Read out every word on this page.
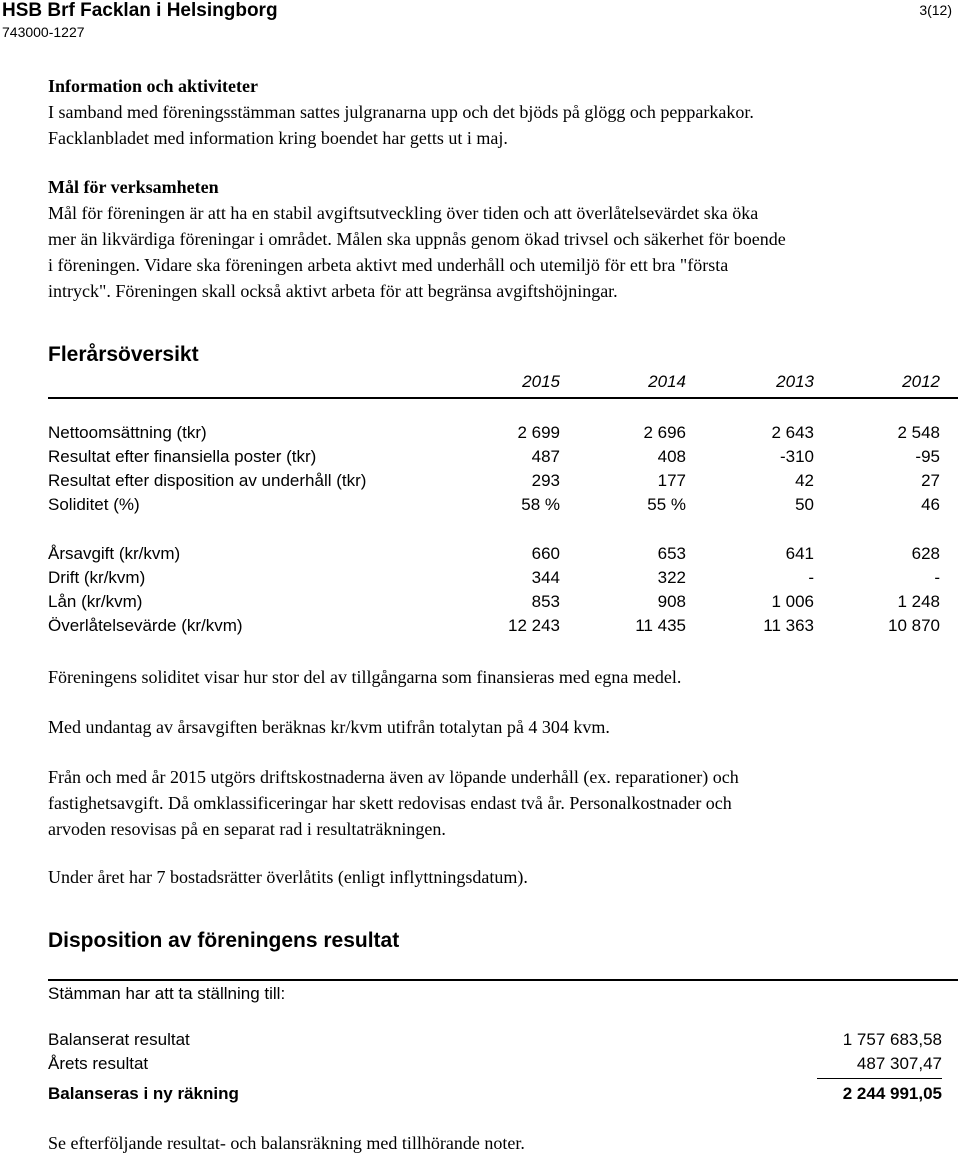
HSB Brf Facklan i Helsingborg
743000-1227
3(12)
Information och aktiviteter
I samband med föreningsstämman sattes julgranarna upp och det bjöds på glögg och pepparkakor.
Facklanbladet med information kring boendet har getts ut i maj.
Mål för verksamheten
Mål för föreningen är att ha en stabil avgiftsutveckling över tiden och att överlåtelsevärdet ska öka
mer än likvärdiga föreningar i området. Målen ska uppnås genom ökad trivsel och säkerhet för boende
i föreningen. Vidare ska föreningen arbeta aktivt med underhåll och utemiljö för ett bra "första
intryck". Föreningen skall också aktivt arbeta för att begränsa avgiftshöjningar.
Flerårsöversikt
2015	2014	2013	2012
Nettoomsättning (tkr)	2 699	2 696	2 643	2 548
Resultat efter finansiella poster (tkr)	487	408	-310	-95
Resultat efter disposition av underhåll (tkr)	293	177	42	27
Soliditet (%)	58 %	55 %	50	46
Årsavgift (kr/kvm)	660	653	641	628
Drift (kr/kvm)	344	322	-	-
Lån (kr/kvm)	853	908	1 006	1 248
Överlåtelsevärde (kr/kvm)	12 243	11 435	11 363	10 870
Föreningens soliditet visar hur stor del av tillgångarna som finansieras med egna medel.
Med undantag av årsavgiften beräknas kr/kvm utifrån totalytan på 4 304 kvm.
Från och med år 2015 utgörs driftskostnaderna även av löpande underhåll (ex. reparationer) och
fastighetsavgift. Då omklassificeringar har skett redovisas endast två år. Personalkostnader och
arvoden resovisas på en separat rad i resultaträkningen.
Under året har 7 bostadsrätter överlåtits (enligt inflyttningsdatum).
Disposition av föreningens resultat
Stämman har att ta ställning till:
Balanserat resultat	1 757 683,58
Årets resultat	487 307,47
Balanseras i ny räkning	2 244 991,05
Se efterföljande resultat- och balansräkning med tillhörande noter.
